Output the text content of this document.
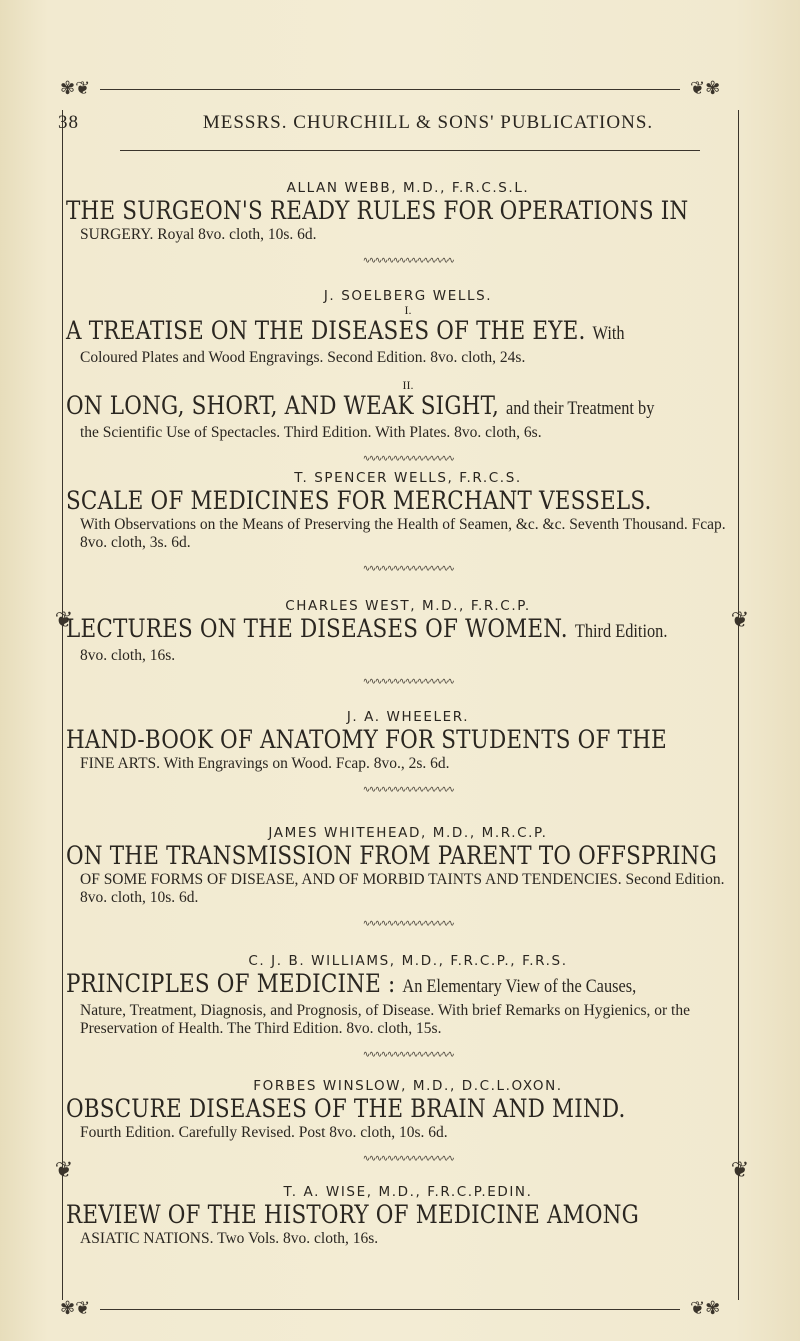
✾❦	❦✾
❦	❦
❦	❦
38	MESSRS. CHURCHILL & SONS' PUBLICATIONS.

ALLAN WEBB, M.D., F.R.C.S.L.

THE SURGEON'S READY RULES FOR OPERATIONS IN

SURGERY. Royal 8vo. cloth, 10s. 6d.

∿∿∿∿∿∿∿∿∿∿∿∿∿∿∿

J. SOELBERG WELLS.

I.

A TREATISE ON THE DISEASES OF THE EYE. With

Coloured Plates and Wood Engravings. Second Edition. 8vo. cloth, 24s.

II.

ON LONG, SHORT, AND WEAK SIGHT, and their Treatment by

the Scientific Use of Spectacles. Third Edition. With Plates. 8vo. cloth, 6s.

∿∿∿∿∿∿∿∿∿∿∿∿∿∿∿

T. SPENCER WELLS, F.R.C.S.

SCALE OF MEDICINES FOR MERCHANT VESSELS.

With Observations on the Means of Preserving the Health of Seamen, &c. &c. Seventh Thousand. Fcap. 8vo. cloth, 3s. 6d.

∿∿∿∿∿∿∿∿∿∿∿∿∿∿∿

CHARLES WEST, M.D., F.R.C.P.

LECTURES ON THE DISEASES OF WOMEN. Third Edition.

8vo. cloth, 16s.

∿∿∿∿∿∿∿∿∿∿∿∿∿∿∿

J. A. WHEELER.

HAND-BOOK OF ANATOMY FOR STUDENTS OF THE

FINE ARTS. With Engravings on Wood. Fcap. 8vo., 2s. 6d.

∿∿∿∿∿∿∿∿∿∿∿∿∿∿∿

JAMES WHITEHEAD, M.D., M.R.C.P.

ON THE TRANSMISSION FROM PARENT TO OFFSPRING

OF SOME FORMS OF DISEASE, AND OF MORBID TAINTS AND TENDENCIES. Second Edition. 8vo. cloth, 10s. 6d.

∿∿∿∿∿∿∿∿∿∿∿∿∿∿∿

C. J. B. WILLIAMS, M.D., F.R.C.P., F.R.S.

PRINCIPLES OF MEDICINE : An Elementary View of the Causes,

Nature, Treatment, Diagnosis, and Prognosis, of Disease. With brief Remarks on Hygienics, or the Preservation of Health. The Third Edition. 8vo. cloth, 15s.

∿∿∿∿∿∿∿∿∿∿∿∿∿∿∿

FORBES WINSLOW, M.D., D.C.L.OXON.

OBSCURE DISEASES OF THE BRAIN AND MIND.

Fourth Edition. Carefully Revised. Post 8vo. cloth, 10s. 6d.

∿∿∿∿∿∿∿∿∿∿∿∿∿∿∿

T. A. WISE, M.D., F.R.C.P.EDIN.

REVIEW OF THE HISTORY OF MEDICINE AMONG

ASIATIC NATIONS. Two Vols. 8vo. cloth, 16s.

✾❦	❦✾
